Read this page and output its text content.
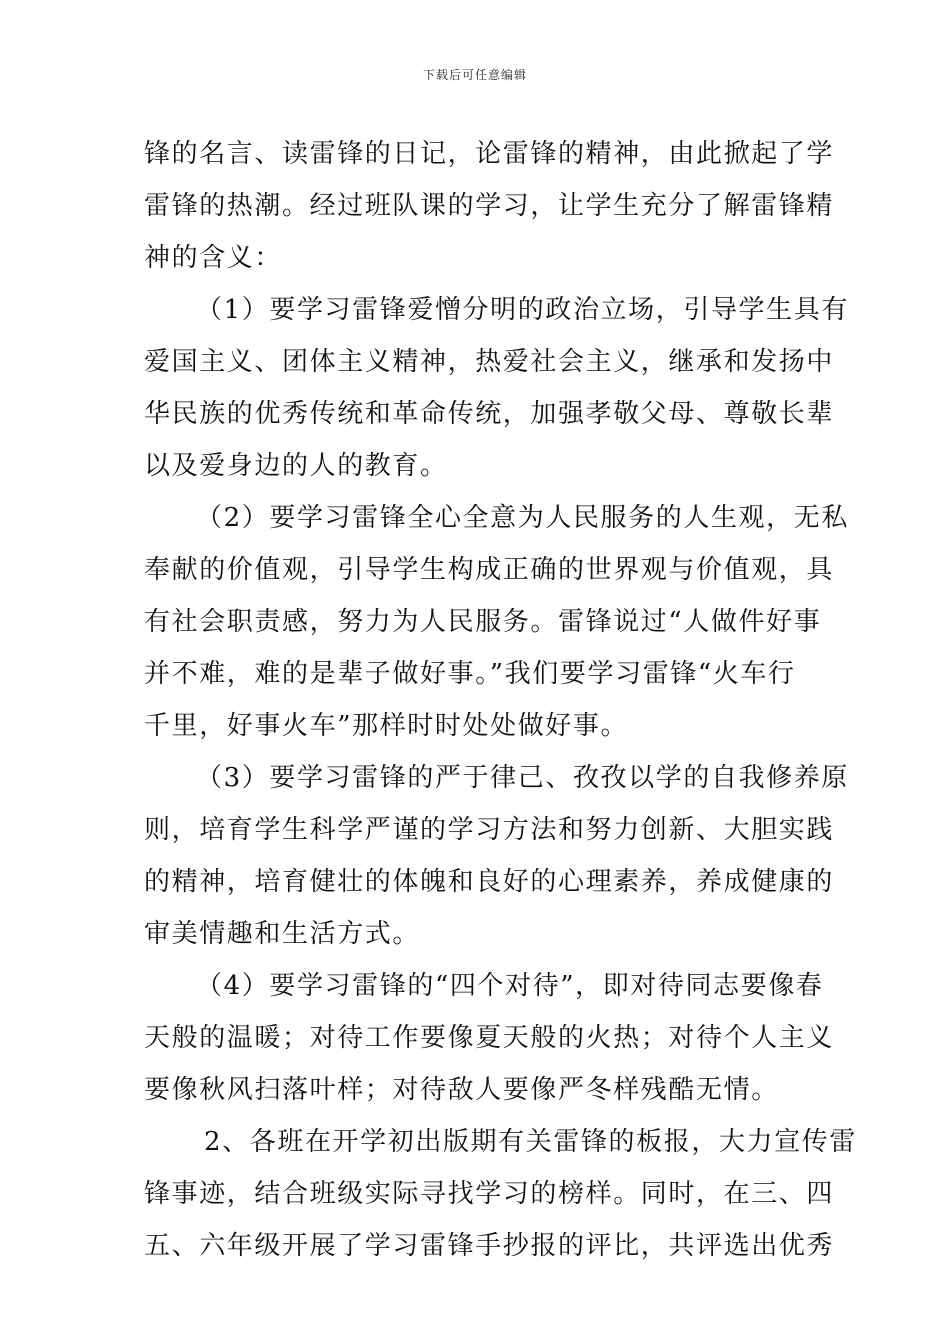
下载后可任意编辑
锋的名言、读雷锋的日记，论雷锋的精神，由此掀起了学
雷锋的热潮。经过班队课的学习，让学生充分了解雷锋精
神的含义：
（1）要学习雷锋爱憎分明的政治立场，引导学生具有
爱国主义、团体主义精神，热爱社会主义，继承和发扬中
华民族的优秀传统和革命传统，加强孝敬父母、尊敬长辈
以及爱身边的人的教育。
（2）要学习雷锋全心全意为人民服务的人生观，无私
奉献的价值观，引导学生构成正确的世界观与价值观，具
有社会职责感，努力为人民服务。雷锋说过“人做件好事
并不难，难的是辈子做好事。”我们要学习雷锋“火车行
千里，好事火车”那样时时处处做好事。
（3）要学习雷锋的严于律己、孜孜以学的自我修养原
则，培育学生科学严谨的学习方法和努力创新、大胆实践
的精神，培育健壮的体魄和良好的心理素养，养成健康的
审美情趣和生活方式。
（4）要学习雷锋的“四个对待”，即对待同志要像春
天般的温暖；对待工作要像夏天般的火热；对待个人主义
要像秋风扫落叶样；对待敌人要像严冬样残酷无情。
2、各班在开学初出版期有关雷锋的板报，大力宣传雷
锋事迹，结合班级实际寻找学习的榜样。同时，在三、四
五、六年级开展了学习雷锋手抄报的评比，共评选出优秀
